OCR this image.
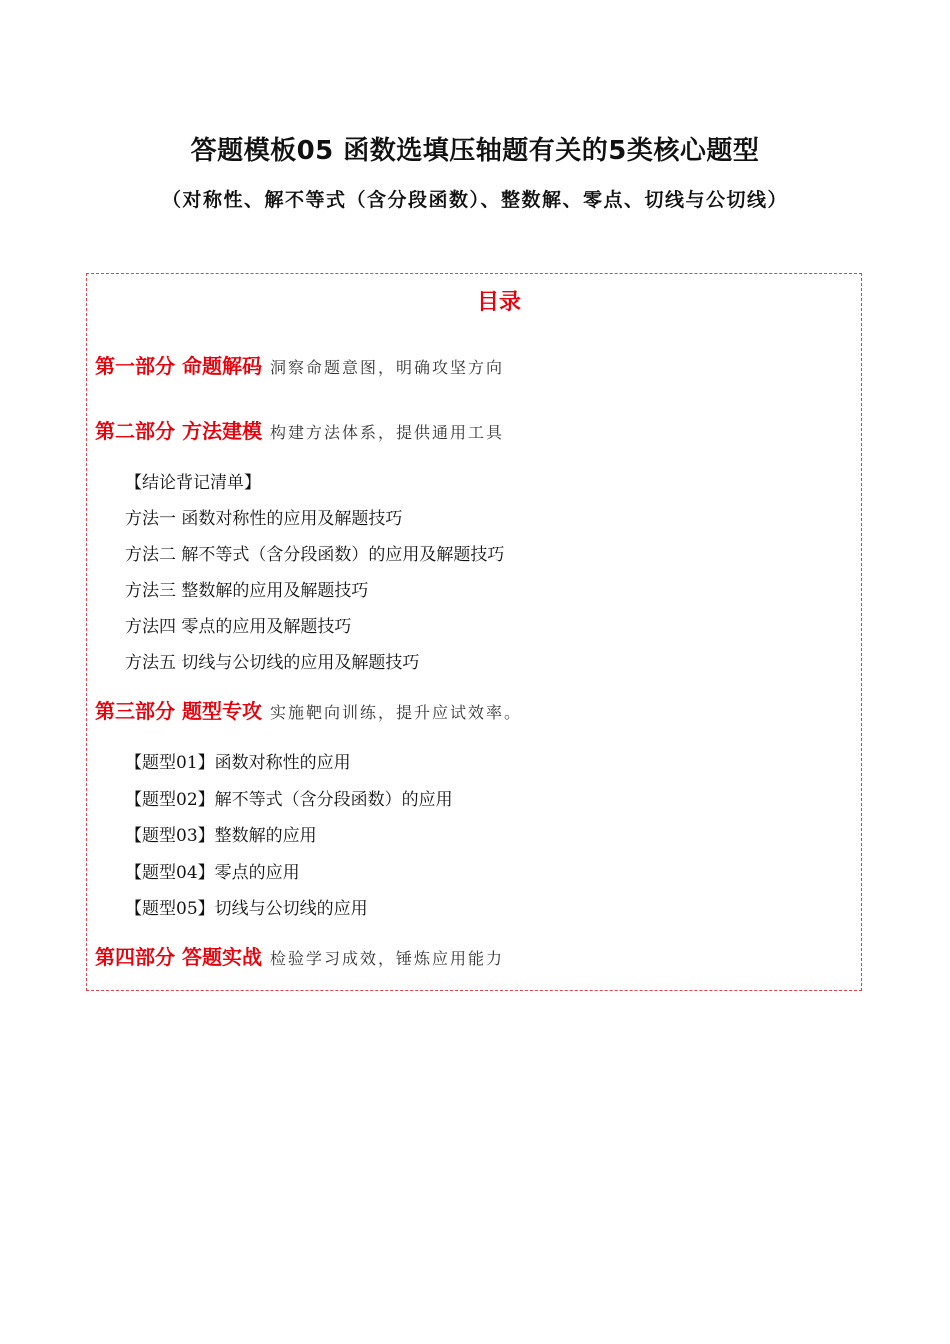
答题模板05 函数选填压轴题有关的5类核心题型
（对称性、解不等式（含分段函数）、整数解、零点、切线与公切线）
目录
第一部分 命题解码 洞察命题意图，明确攻坚方向
第二部分 方法建模 构建方法体系，提供通用工具
【结论背记清单】
方法一 函数对称性的应用及解题技巧
方法二 解不等式（含分段函数）的应用及解题技巧
方法三 整数解的应用及解题技巧
方法四 零点的应用及解题技巧
方法五 切线与公切线的应用及解题技巧
第三部分 题型专攻 实施靶向训练，提升应试效率。
【题型01】函数对称性的应用
【题型02】解不等式（含分段函数）的应用
【题型03】整数解的应用
【题型04】零点的应用
【题型05】切线与公切线的应用
第四部分 答题实战 检验学习成效，锤炼应用能力
